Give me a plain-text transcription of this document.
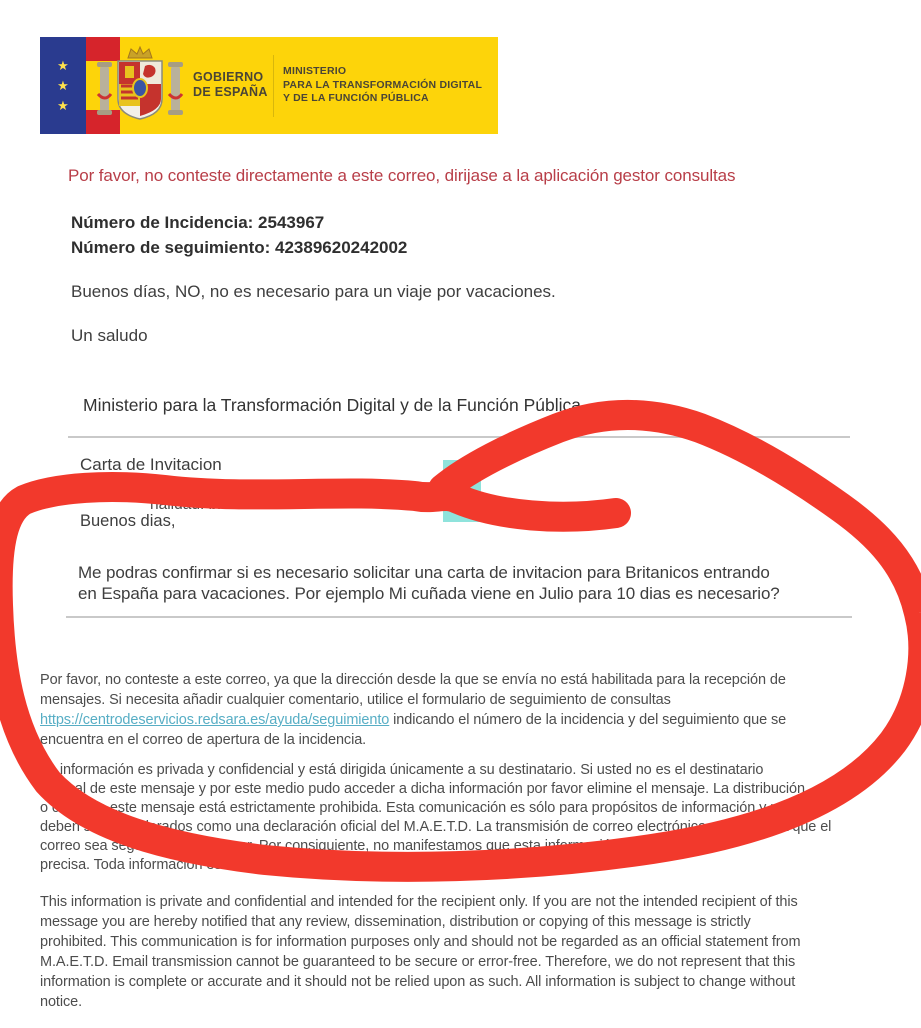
★
★
★
GOBIERNO
DE ESPAÑA
MINISTERIO
PARA LA TRANSFORMACIÓN DIGITAL
Y DE LA FUNCIÓN PÚBLICA
Por favor, no conteste directamente a este correo, dirijase a la aplicación gestor consultas
Número de Incidencia: 2543967
Número de seguimiento: 42389620242002
Buenos días, NO, no es necesario para un viaje por vacaciones.
Un saludo
Ministerio para la Transformación Digital y de la Función Pública
Carta de Invitacion
nalidad: britanica **
Buenos dias,
Me podras confirmar si es necesario solicitar una carta de invitacion para Britanicos entrando
en España para vacaciones. Por ejemplo Mi cuñada viene en Julio para 10 dias es necesario?
Por favor, no conteste a este correo, ya que la dirección desde la que se envía no está habilitada para la recepción de
mensajes. Si necesita añadir cualquier comentario, utilice el formulario de seguimiento de consultas
https://centrodeservicios.redsara.es/ayuda/seguimiento indicando el número de la incidencia y del seguimiento que se
encuentra en el correo de apertura de la incidencia.
La información es privada y confidencial y está dirigida únicamente a su destinatario. Si usted no es el destinatario
original de este mensaje y por este medio pudo acceder a dicha información por favor elimine el mensaje. La distribución
o copia de este mensaje está estrictamente prohibida. Esta comunicación es sólo para propósitos de información y no
deben ser considerados como una declaración oficial del M.A.E.T.D. La transmisión de correo electrónico no garantiza que el
correo sea seguro o libre de error. Por consiguiente, no manifestamos que esta información sea completa o
precisa. Toda información está sujeta a alterarse sin previo aviso.
This information is private and confidential and intended for the recipient only. If you are not the intended recipient of this
message you are hereby notified that any review, dissemination, distribution or copying of this message is strictly
prohibited. This communication is for information purposes only and should not be regarded as an official statement from
M.A.E.T.D. Email transmission cannot be guaranteed to be secure or error-free. Therefore, we do not represent that this
information is complete or accurate and it should not be relied upon as such. All information is subject to change without
notice.
